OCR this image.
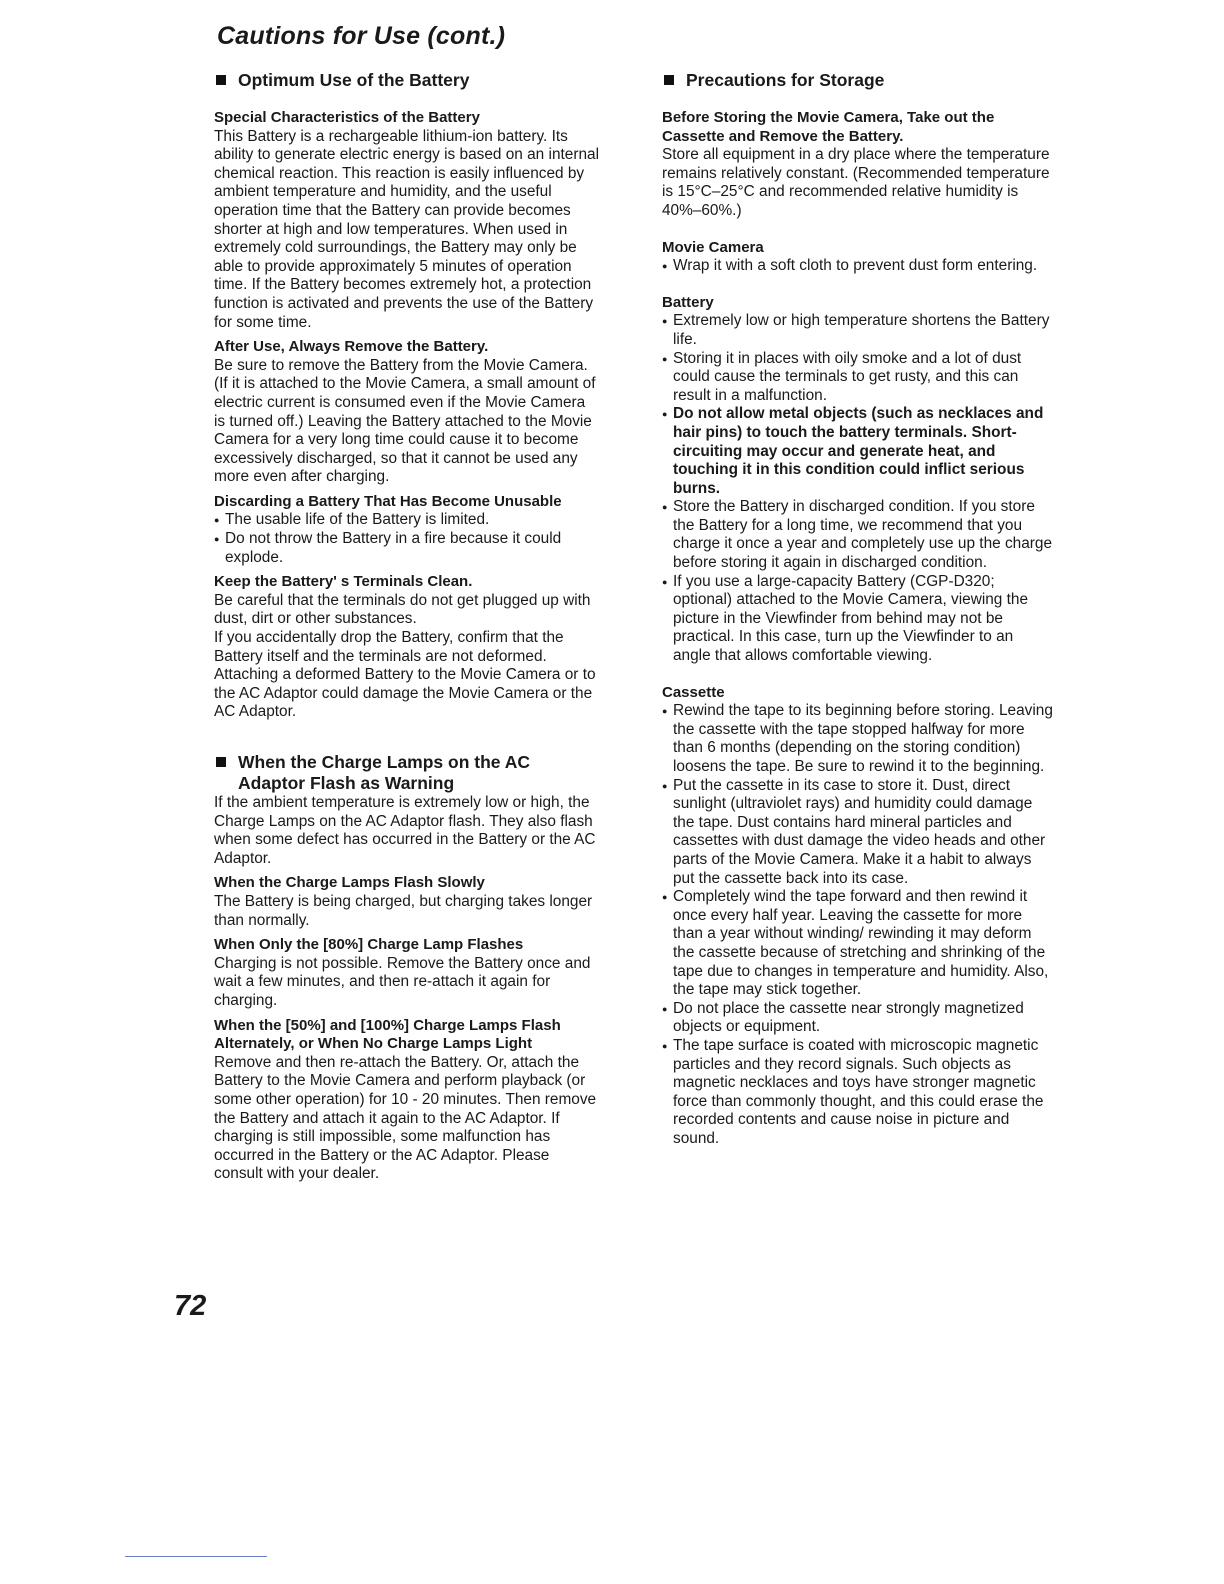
Cautions for Use (cont.)
Optimum Use of the Battery

Special Characteristics of the Battery

This Battery is a rechargeable lithium-ion battery. Its ability to generate electric energy is based on an internal chemical reaction. This reaction is easily influenced by ambient temperature and humidity, and the useful operation time that the Battery can provide becomes shorter at high and low temperatures. When used in extremely cold surroundings, the Battery may only be able to provide approximately 5 minutes of operation time. If the Battery becomes extremely hot, a protection function is activated and prevents the use of the Battery for some time.

After Use, Always Remove the Battery.

Be sure to remove the Battery from the Movie Camera. (If it is attached to the Movie Camera, a small amount of electric current is consumed even if the Movie Camera is turned off.) Leaving the Battery attached to the Movie Camera for a very long time could cause it to become excessively discharged, so that it cannot be used any more even after charging.

Discarding a Battery That Has Become Unusable

● The usable life of the Battery is limited.
● Do not throw the Battery in a fire because it could explode.

Keep the Battery' s Terminals Clean.

Be careful that the terminals do not get plugged up with dust, dirt or other substances.

If you accidentally drop the Battery, confirm that the Battery itself and the terminals are not deformed. Attaching a deformed Battery to the Movie Camera or to the AC Adaptor could damage the Movie Camera or the AC Adaptor.

When the Charge Lamps on the AC Adaptor Flash as Warning

If the ambient temperature is extremely low or high, the Charge Lamps on the AC Adaptor flash. They also flash when some defect has occurred in the Battery or the AC Adaptor.

When the Charge Lamps Flash Slowly

The Battery is being charged, but charging takes longer than normally.

When Only the [80%] Charge Lamp Flashes

Charging is not possible. Remove the Battery once and wait a few minutes, and then re-attach it again for charging.

When the [50%] and [100%] Charge Lamps Flash Alternately, or When No Charge Lamps Light

Remove and then re-attach the Battery. Or, attach the Battery to the Movie Camera and perform playback (or some other operation) for 10 - 20 minutes. Then remove the Battery and attach it again to the AC Adaptor. If charging is still impossible, some malfunction has occurred in the Battery or the AC Adaptor. Please consult with your dealer.

Precautions for Storage

Before Storing the Movie Camera, Take out the Cassette and Remove the Battery.

Store all equipment in a dry place where the temperature remains relatively constant. (Recommended temperature is 15°C–25°C and recommended relative humidity is 40%–60%.)

Movie Camera

● Wrap it with a soft cloth to prevent dust form entering.

Battery

● Extremely low or high temperature shortens the Battery life.
● Storing it in places with oily smoke and a lot of dust could cause the terminals to get rusty, and this can result in a malfunction.
● Do not allow metal objects (such as necklaces and hair pins) to touch the battery terminals. Short-circuiting may occur and generate heat, and touching it in this condition could inflict serious burns.
● Store the Battery in discharged condition. If you store the Battery for a long time, we recommend that you charge it once a year and completely use up the charge before storing it again in discharged condition.
● If you use a large-capacity Battery (CGP-D320; optional) attached to the Movie Camera, viewing the picture in the Viewfinder from behind may not be practical. In this case, turn up the Viewfinder to an angle that allows comfortable viewing.

Cassette

● Rewind the tape to its beginning before storing. Leaving the cassette with the tape stopped halfway for more than 6 months (depending on the storing condition) loosens the tape. Be sure to rewind it to the beginning.
● Put the cassette in its case to store it. Dust, direct sunlight (ultraviolet rays) and humidity could damage the tape. Dust contains hard mineral particles and cassettes with dust damage the video heads and other parts of the Movie Camera. Make it a habit to always put the cassette back into its case.
● Completely wind the tape forward and then rewind it once every half year. Leaving the cassette for more than a year without winding/ rewinding it may deform the cassette because of stretching and shrinking of the tape due to changes in temperature and humidity. Also, the tape may stick together.
● Do not place the cassette near strongly magnetized objects or equipment.
● The tape surface is coated with microscopic magnetic particles and they record signals. Such objects as magnetic necklaces and toys have stronger magnetic force than commonly thought, and this could erase the recorded contents and cause noise in picture and sound.

72
